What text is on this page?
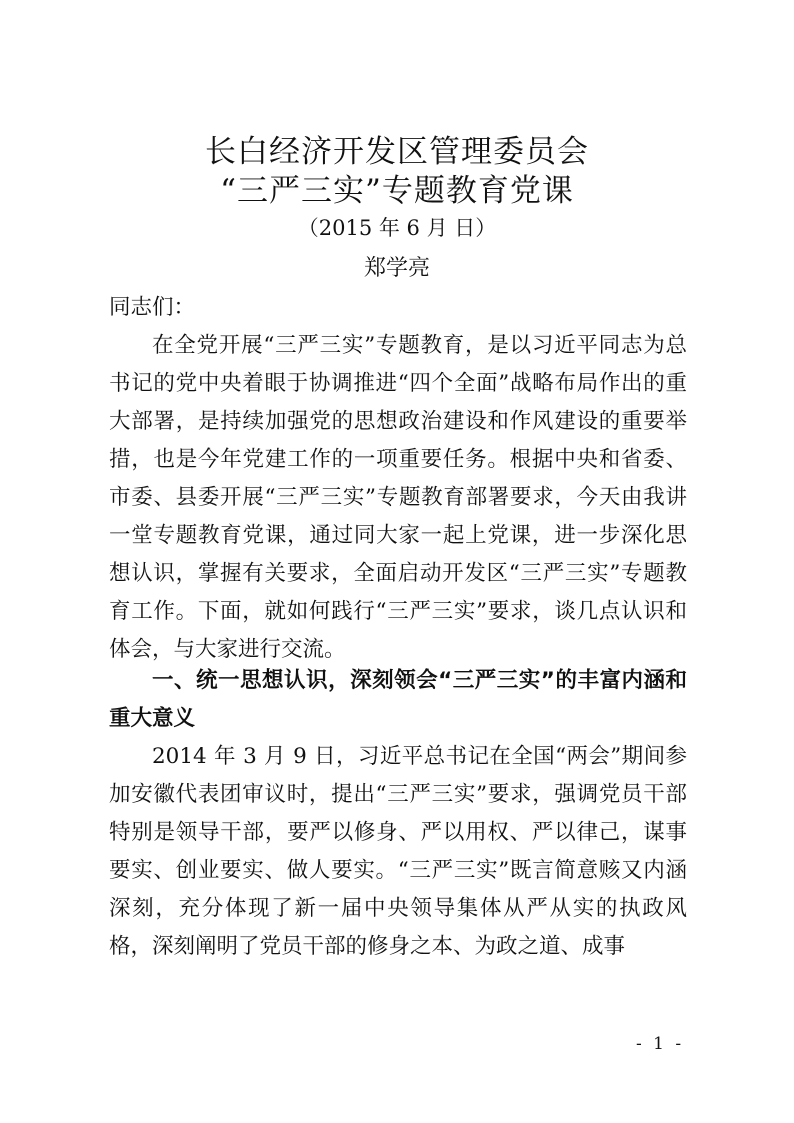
长白经济开发区管理委员会
“三严三实”专题教育党课
（2015 年 6 月 日）
郑学亮
同志们：
在全党开展“三严三实”专题教育，是以习近平同志为总书记的党中央着眼于协调推进“四个全面”战略布局作出的重大部署，是持续加强党的思想政治建设和作风建设的重要举措，也是今年党建工作的一项重要任务。根据中央和省委、市委、县委开展“三严三实”专题教育部署要求，今天由我讲一堂专题教育党课，通过同大家一起上党课，进一步深化思想认识，掌握有关要求，全面启动开发区“三严三实”专题教育工作。下面，就如何践行“三严三实”要求，谈几点认识和体会，与大家进行交流。
一、统一思想认识，深刻领会“三严三实”的丰富内涵和重大意义
2014 年 3 月 9 日，习近平总书记在全国“两会”期间参加安徽代表团审议时，提出“三严三实”要求，强调党员干部特别是领导干部，要严以修身、严以用权、严以律己，谋事要实、创业要实、做人要实。“三严三实”既言简意赅又内涵深刻，充分体现了新一届中央领导集体从严从实的执政风格，深刻阐明了党员干部的修身之本、为政之道、成事
- 1 -
